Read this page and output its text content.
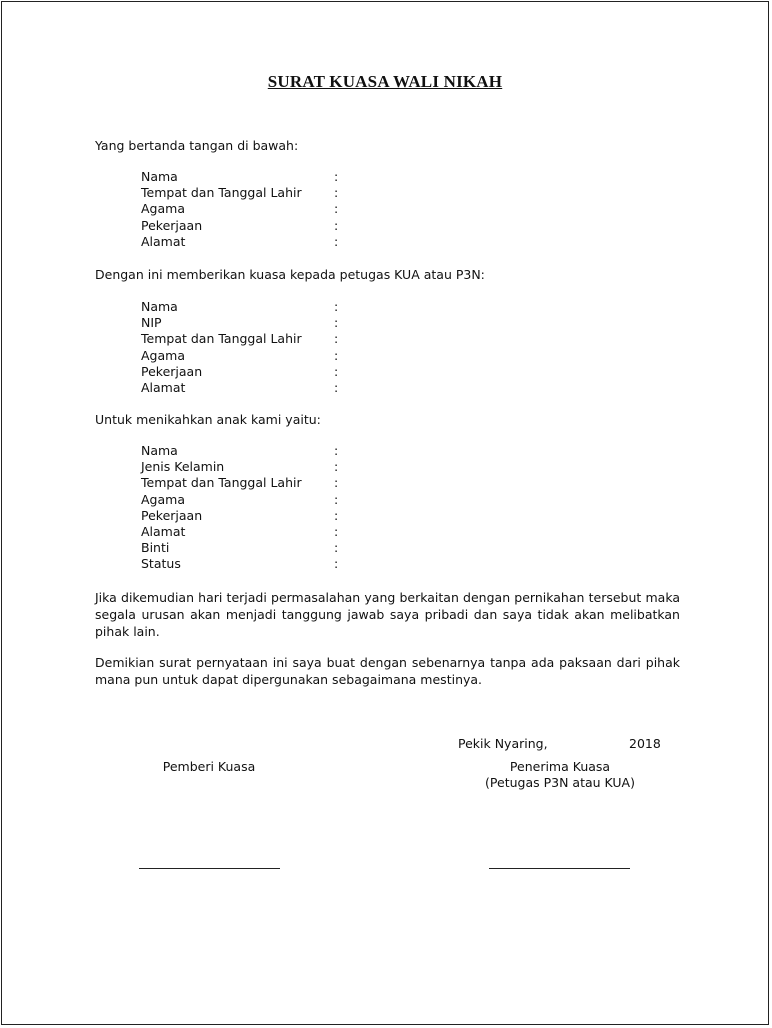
SURAT KUASA WALI NIKAH
Yang bertanda tangan di bawah:
Nama	:
Tempat dan Tanggal Lahir	:
Agama	:
Pekerjaan	:
Alamat	:
Dengan ini memberikan kuasa kepada petugas KUA atau P3N:
Nama	:
NIP	:
Tempat dan Tanggal Lahir	:
Agama	:
Pekerjaan	:
Alamat	:
Untuk menikahkan anak kami yaitu:
Nama	:
Jenis Kelamin	:
Tempat dan Tanggal Lahir	:
Agama	:
Pekerjaan	:
Alamat	:
Binti	:
Status	:
Jika dikemudian hari terjadi permasalahan yang berkaitan dengan pernikahan tersebut maka segala urusan akan menjadi tanggung jawab saya pribadi dan saya tidak akan melibatkan pihak lain.
Demikian surat pernyataan ini saya buat dengan sebenarnya tanpa ada paksaan dari pihak mana pun untuk dapat dipergunakan sebagaimana mestinya.
Pekik Nyaring,	2018
Pemberi Kuasa	Penerima Kuasa
(Petugas P3N atau KUA)
